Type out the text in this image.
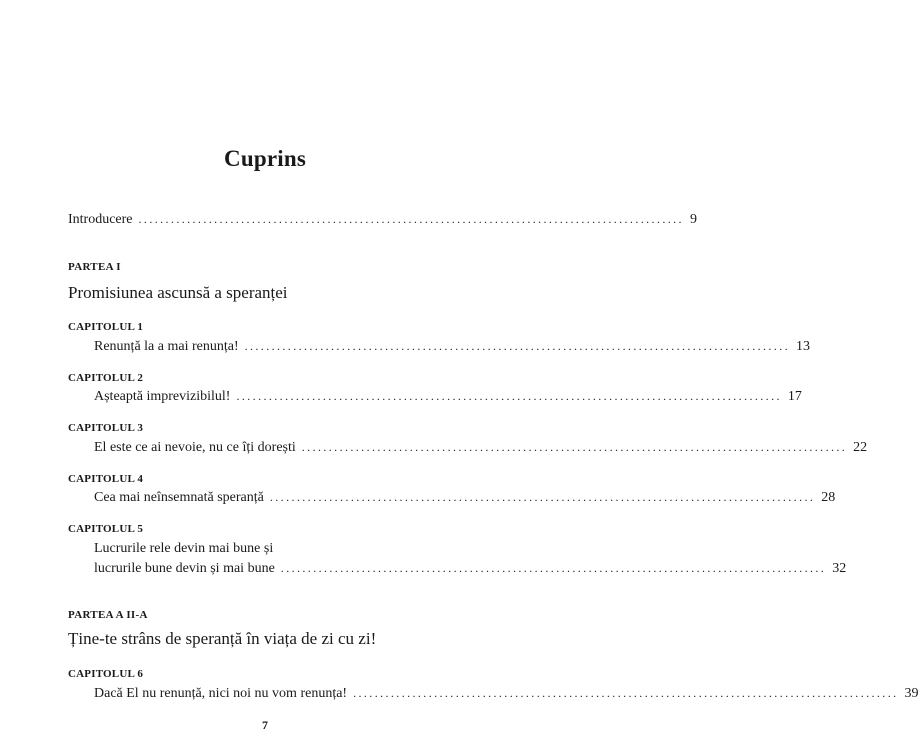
Cuprins
Introducere ..................................................................................................... 9
PARTEA I
Promisiunea ascunsă a speranței
CAPITOLUL 1
Renunță la a mai renunța! ..................................................................................................... 13
CAPITOLUL 2
Așteaptă imprevizibilul! ..................................................................................................... 17
CAPITOLUL 3
El este ce ai nevoie, nu ce îți dorești ..................................................................................................... 22
CAPITOLUL 4
Cea mai neînsemnată speranță ..................................................................................................... 28
CAPITOLUL 5
Lucrurile rele devin mai bune și
lucrurile bune devin și mai bune ..................................................................................................... 32
PARTEA A II-A
Ține-te strâns de speranță în viața de zi cu zi!
CAPITOLUL 6
Dacă El nu renunță, nici noi nu vom renunța! ..................................................................................................... 39
7
